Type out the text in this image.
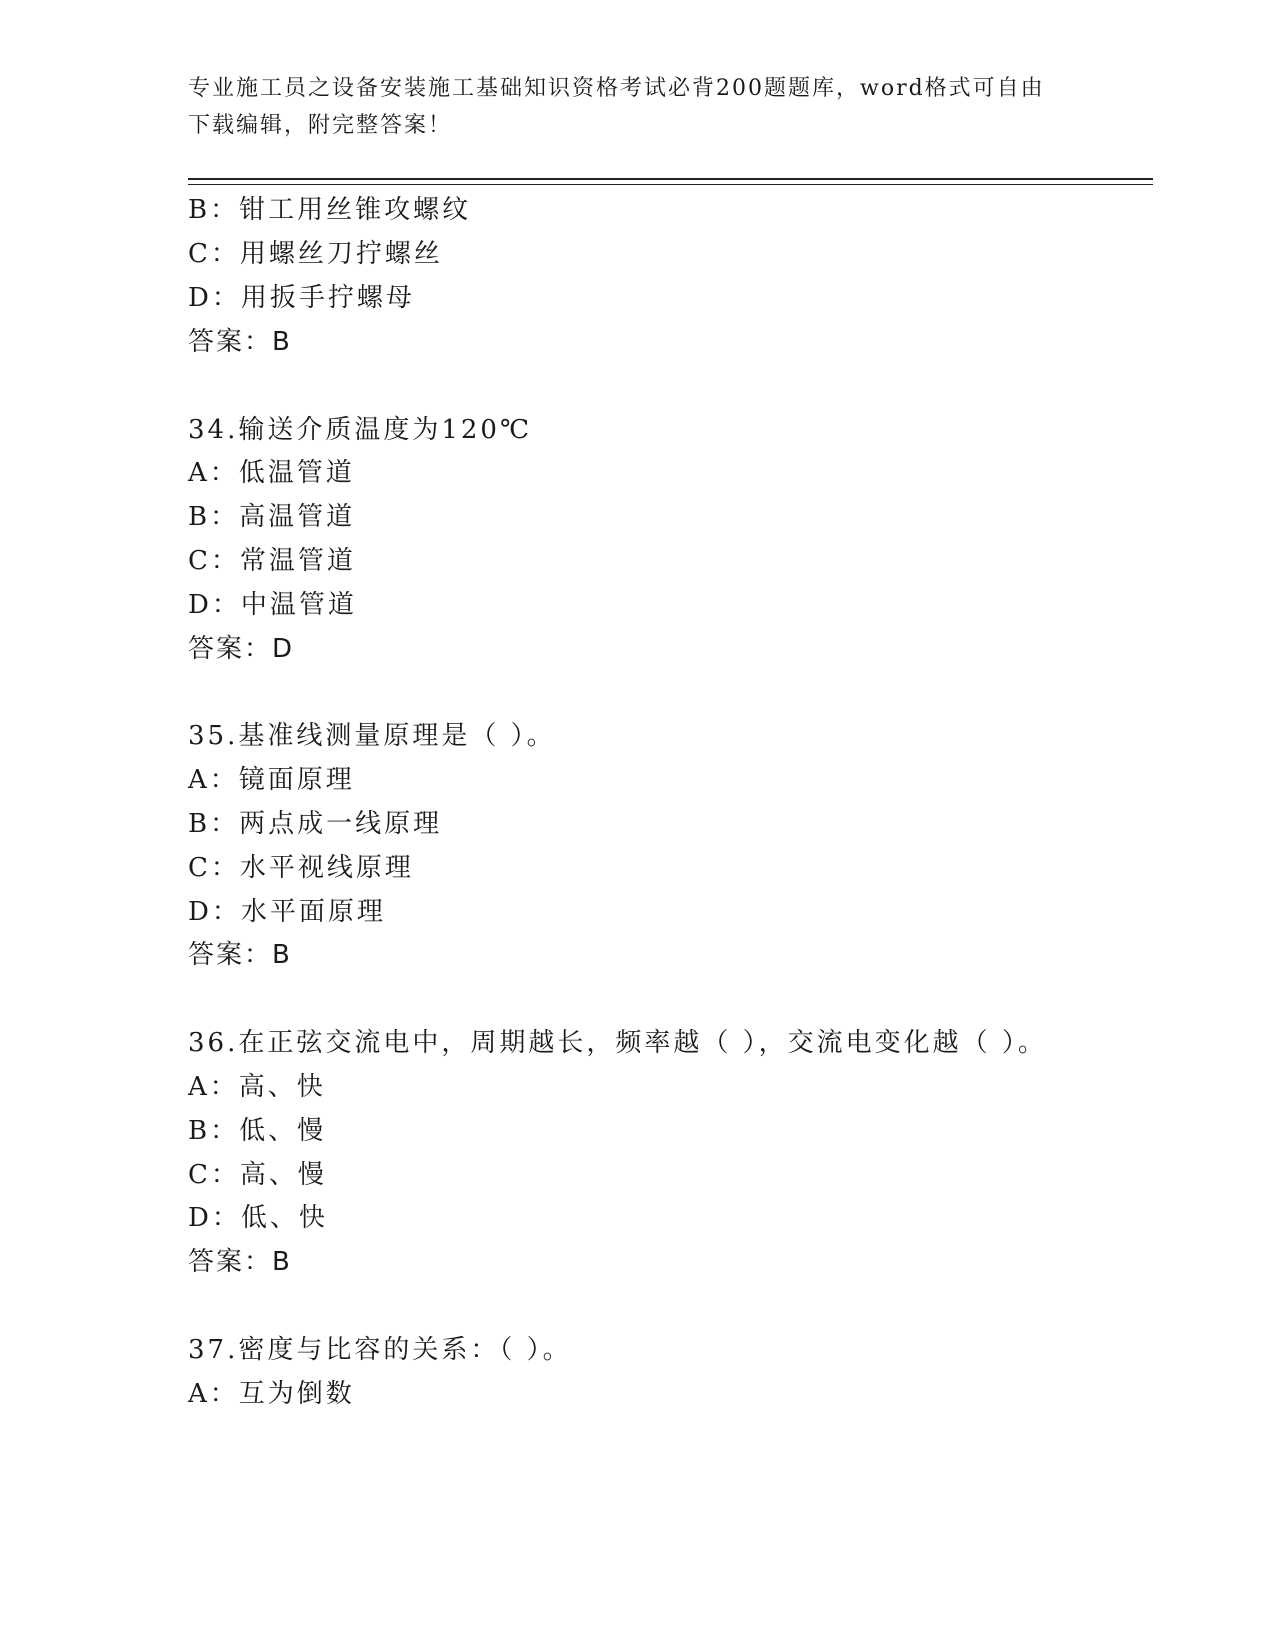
专业施工员之设备安装施工基础知识资格考试必背200题题库，word格式可自由
下载编辑，附完整答案！
B：钳工用丝锥攻螺纹
C：用螺丝刀拧螺丝
D：用扳手拧螺母
答案：B
34.输送介质温度为120℃
A：低温管道
B：高温管道
C：常温管道
D：中温管道
答案：D
35.基准线测量原理是（ ）。
A：镜面原理
B：两点成一线原理
C：水平视线原理
D：水平面原理
答案：B
36.在正弦交流电中，周期越长，频率越（ ），交流电变化越（ ）。
A：高、快
B：低、慢
C：高、慢
D：低、快
答案：B
37.密度与比容的关系：（ ）。
A：互为倒数
